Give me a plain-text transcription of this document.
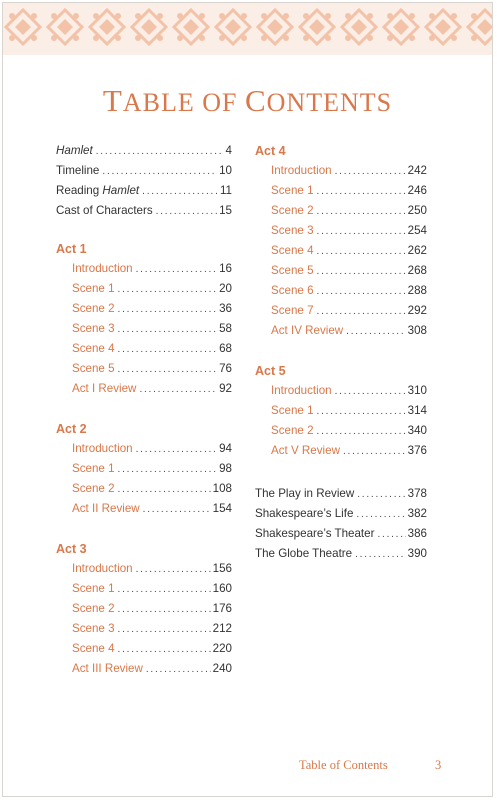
TABLE OF CONTENTS
Hamlet . . .	4
Timeline . . .	10
Reading Hamlet . . .	11
Cast of Characters . . .	15
Act 1
Introduction . . .	16
Scene 1 . . .	20
Scene 2 . . .	36
Scene 3 . . .	58
Scene 4 . . .	68
Scene 5 . . .	76
Act I Review . . .	92
Act 2
Introduction . . .	94
Scene 1 . . .	98
Scene 2 . . .	108
Act II Review . . .	154
Act 3
Introduction . . .	156
Scene 1 . . .	160
Scene 2 . . .	176
Scene 3 . . .	212
Scene 4 . . .	220
Act III Review . . .	240
Act 4
Introduction . . .	242
Scene 1 . . .	246
Scene 2 . . .	250
Scene 3 . . .	254
Scene 4 . . .	262
Scene 5 . . .	268
Scene 6 . . .	288
Scene 7 . . .	292
Act IV Review . . .	308
Act 5
Introduction . . .	310
Scene 1 . . .	314
Scene 2 . . .	340
Act V Review . . .	376
The Play in Review . . .	378
Shakespeare’s Life . . .	382
Shakespeare’s Theater . . .	386
The Globe Theatre . . .	390
Table of Contents	3
